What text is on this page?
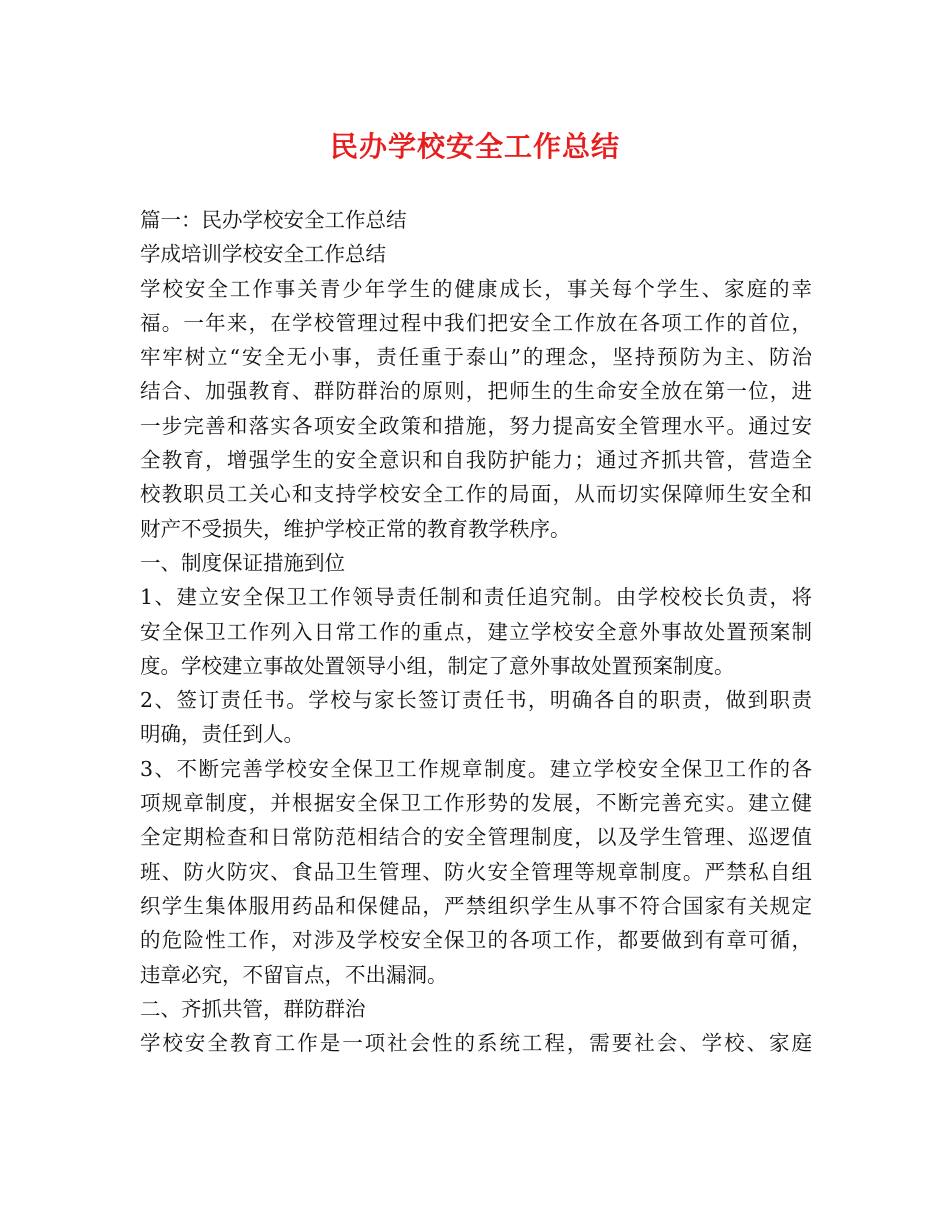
民办学校安全工作总结
篇一：民办学校安全工作总结
学成培训学校安全工作总结
学校安全工作事关青少年学生的健康成长，事关每个学生、家庭的幸
福。一年来，在学校管理过程中我们把安全工作放在各项工作的首位，
牢牢树立“安全无小事，责任重于泰山”的理念，坚持预防为主、防治
结合、加强教育、群防群治的原则，把师生的生命安全放在第一位，进
一步完善和落实各项安全政策和措施，努力提高安全管理水平。通过安
全教育，增强学生的安全意识和自我防护能力；通过齐抓共管，营造全
校教职员工关心和支持学校安全工作的局面，从而切实保障师生安全和
财产不受损失，维护学校正常的教育教学秩序。
一、制度保证措施到位
1、建立安全保卫工作领导责任制和责任追究制。由学校校长负责，将
安全保卫工作列入日常工作的重点，建立学校安全意外事故处置预案制
度。学校建立事故处置领导小组，制定了意外事故处置预案制度。
2、签订责任书。学校与家长签订责任书，明确各自的职责，做到职责
明确，责任到人。
3、不断完善学校安全保卫工作规章制度。建立学校安全保卫工作的各
项规章制度，并根据安全保卫工作形势的发展，不断完善充实。建立健
全定期检查和日常防范相结合的安全管理制度，以及学生管理、巡逻值
班、防火防灾、食品卫生管理、防火安全管理等规章制度。严禁私自组
织学生集体服用药品和保健品，严禁组织学生从事不符合国家有关规定
的危险性工作，对涉及学校安全保卫的各项工作，都要做到有章可循，
违章必究，不留盲点，不出漏洞。
二、齐抓共管，群防群治
学校安全教育工作是一项社会性的系统工程，需要社会、学校、家庭
